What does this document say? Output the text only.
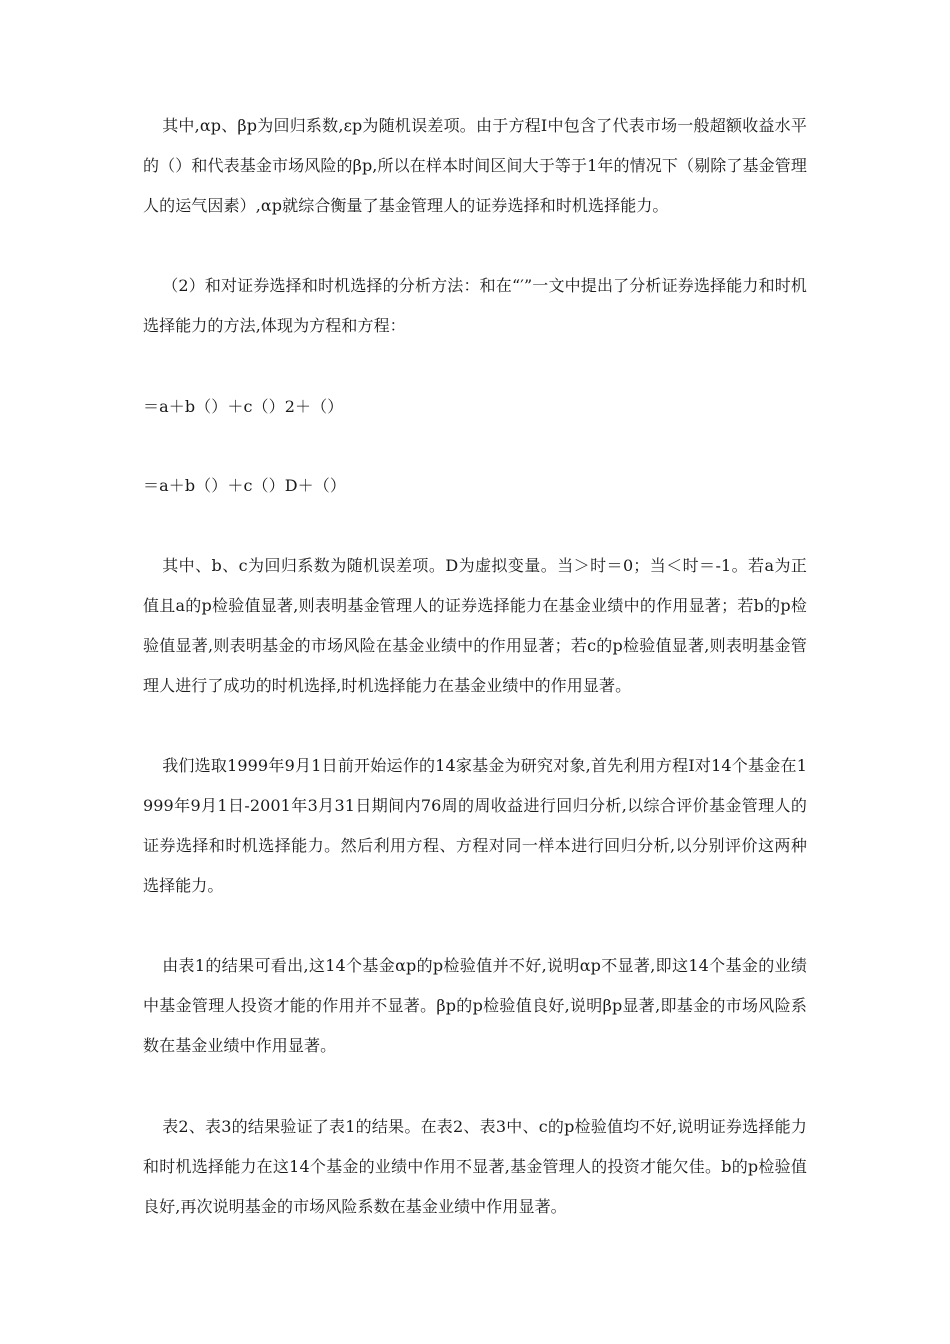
其中,αp、βp为回归系数,εp为随机误差项。由于方程I中包含了代表市场一般超额收益水平的（）和代表基金市场风险的βp,所以在样本时间区间大于等于1年的情况下（剔除了基金管理人的运气因素）,αp就综合衡量了基金管理人的证券选择和时机选择能力。

（2）和对证券选择和时机选择的分析方法：和在“′”一文中提出了分析证券选择能力和时机选择能力的方法,体现为方程和方程：

＝a＋b（）＋c（）2＋（）

＝a＋b（）＋c（）D＋（）

其中、b、c为回归系数为随机误差项。D为虚拟变量。当＞时＝0；当＜时＝-1。若a为正值且a的p检验值显著,则表明基金管理人的证券选择能力在基金业绩中的作用显著；若b的p检验值显著,则表明基金的市场风险在基金业绩中的作用显著；若c的p检验值显著,则表明基金管理人进行了成功的时机选择,时机选择能力在基金业绩中的作用显著。

我们选取1999年9月1日前开始运作的14家基金为研究对象,首先利用方程I对14个基金在1999年9月1日-2001年3月31日期间内76周的周收益进行回归分析,以综合评价基金管理人的证券选择和时机选择能力。然后利用方程、方程对同一样本进行回归分析,以分别评价这两种选择能力。

由表1的结果可看出,这14个基金αp的p检验值并不好,说明αp不显著,即这14个基金的业绩中基金管理人投资才能的作用并不显著。βp的p检验值良好,说明βp显著,即基金的市场风险系数在基金业绩中作用显著。

表2、表3的结果验证了表1的结果。在表2、表3中、c的p检验值均不好,说明证券选择能力和时机选择能力在这14个基金的业绩中作用不显著,基金管理人的投资才能欠佳。b的p检验值良好,再次说明基金的市场风险系数在基金业绩中作用显著。
